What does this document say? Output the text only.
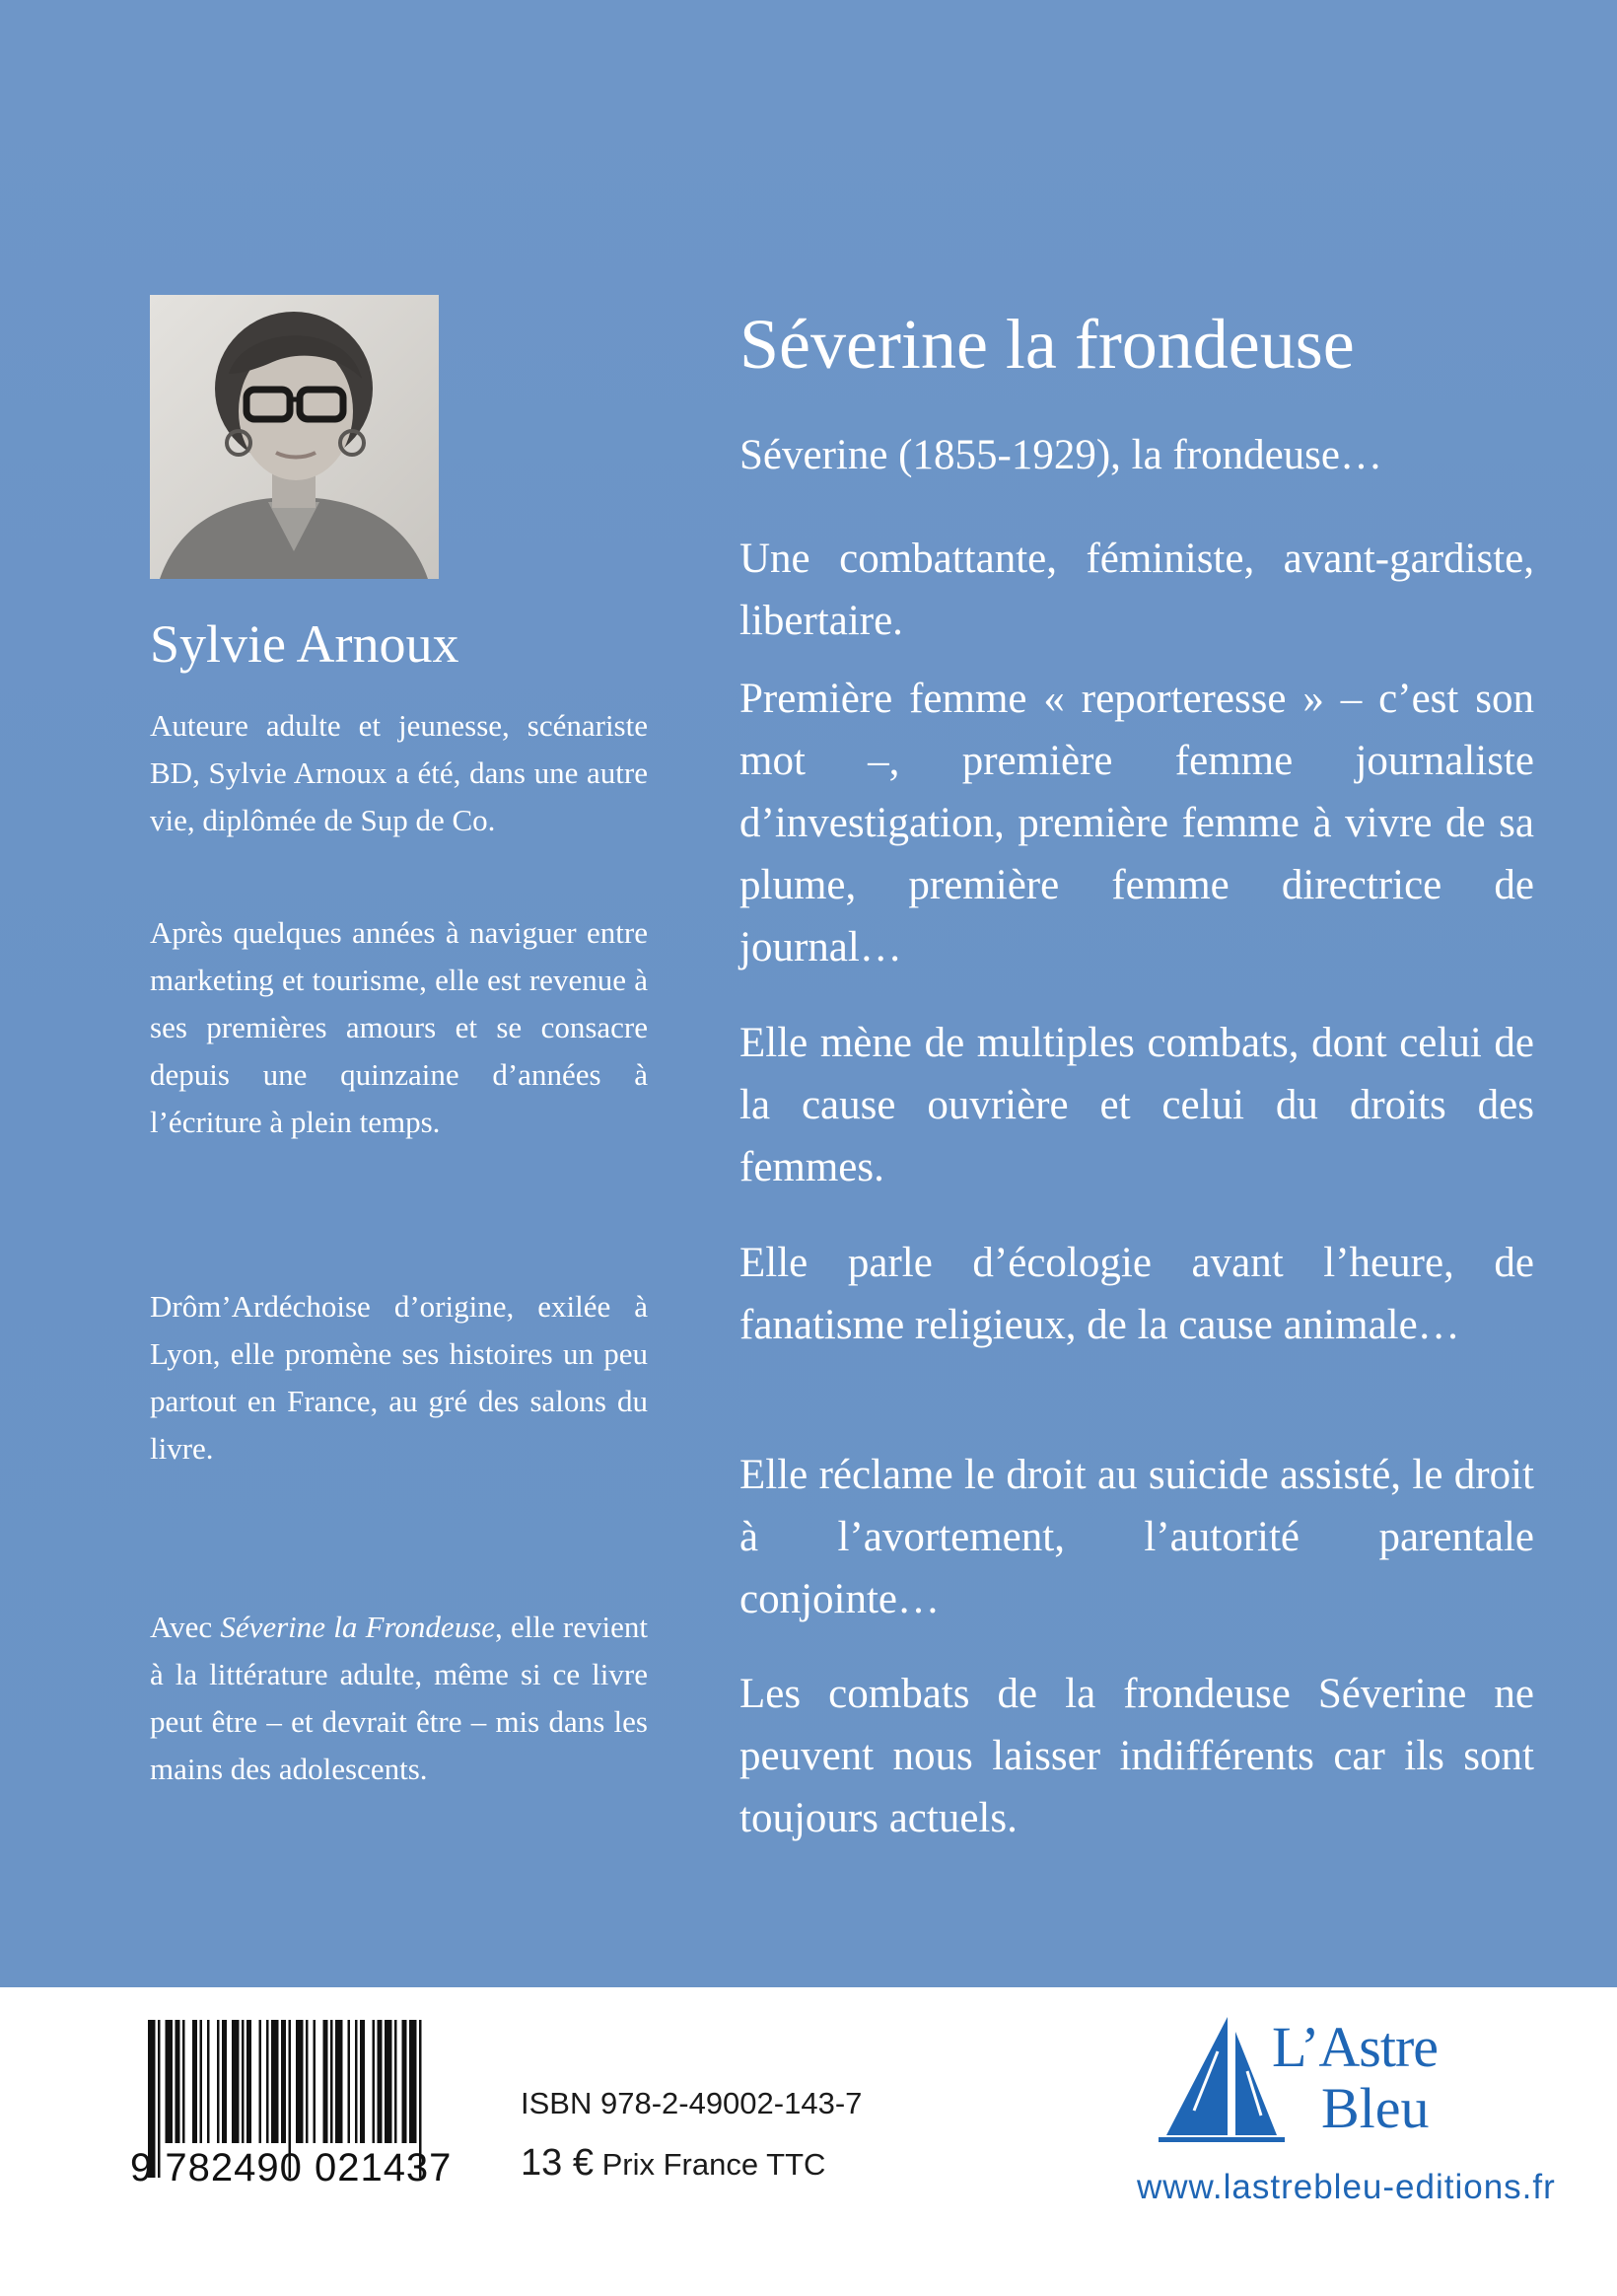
Sylvie Arnoux

Auteure adulte et jeunesse, scénariste BD, Sylvie Arnoux a été, dans une autre vie, diplômée de Sup de Co.

Après quelques années à naviguer entre marketing et tourisme, elle est revenue à ses premières amours et se consacre depuis une quinzaine d’années à l’écriture à plein temps.

Drôm’Ardéchoise d’origine, exilée à Lyon, elle promène ses histoires un peu partout en France, au gré des salons du livre.

Avec Séverine la Frondeuse, elle revient à la littérature adulte, même si ce livre peut être – et devrait être – mis dans les mains des adolescents.

Séverine la frondeuse

Séverine (1855-1929), la frondeuse…

Une combattante, féministe, avant-gardiste, libertaire.

Première femme « reporteresse » – c’est son mot –, première femme journaliste d’investigation, première femme à vivre de sa plume, première femme directrice de journal…

Elle mène de multiples combats, dont celui de la cause ouvrière et celui du droits des femmes.

Elle parle d’écologie avant l’heure, de fanatisme religieux, de la cause animale…

Elle réclame le droit au suicide assisté, le droit à l’avortement, l’autorité parentale conjointe…

Les combats de la frondeuse Séverine ne peuvent nous laisser indifférents car ils sont toujours actuels.

9 782490 021437
ISBN 978-2-49002-143-7
13 € Prix France TTC
L’Astre
Bleu
www.lastrebleu-editions.fr
